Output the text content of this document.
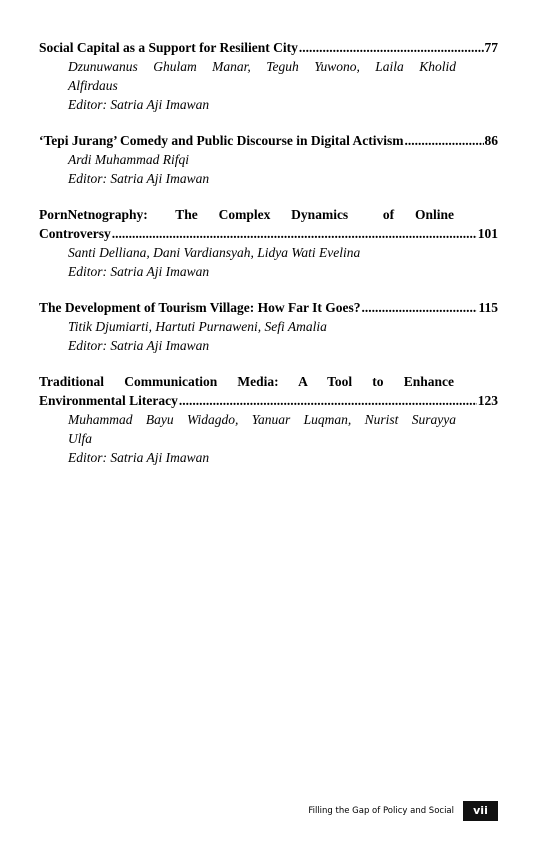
Social Capital as a Support for Resilient City .....	77
Dzunuwanus Ghulam Manar, Teguh Yuwono, Laila Kholid
Alfirdaus
Editor: Satria Aji Imawan
‘Tepi Jurang’ Comedy and Public Discourse in Digital Activism .....	86
Ardi Muhammad Rifqi
Editor: Satria Aji Imawan
PornNetnography:    The   Complex   Dynamics     of   Online
Controversy .....	101
Santi Delliana, Dani Vardiansyah, Lidya Wati Evelina
Editor: Satria Aji Imawan
The Development of Tourism Village: How Far It Goes? .....	115
Titik Djumiarti, Hartuti Purnaweni, Sefi Amalia
Editor: Satria Aji Imawan
Traditional   Communication   Media:   A   Tool   to   Enhance
Environmental Literacy .....	123
Muhammad Bayu Widagdo, Yanuar Luqman, Nurist Surayya
Ulfa
Editor: Satria Aji Imawan
Filling the Gap of Policy and Social	vii
